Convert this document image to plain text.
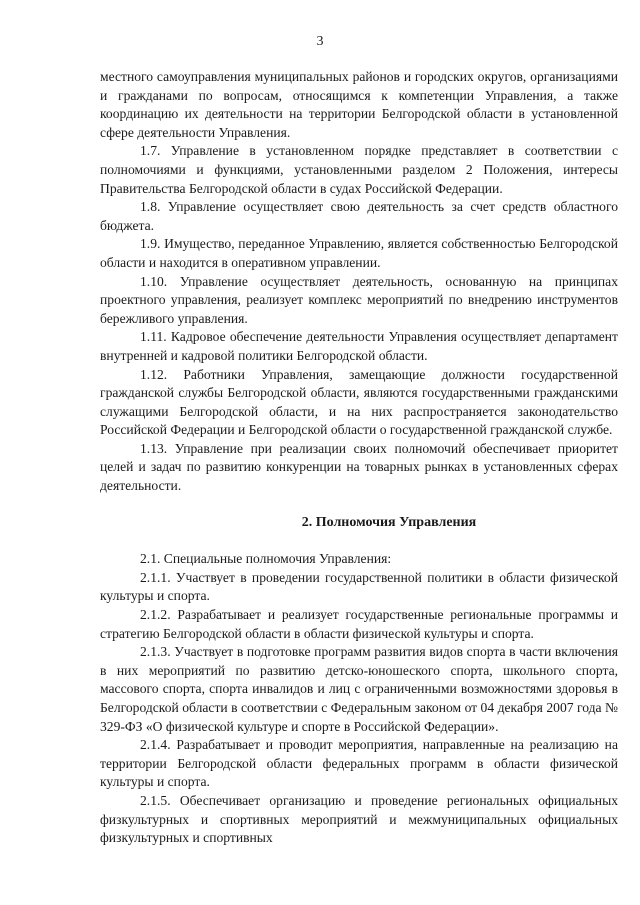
3

местного самоуправления муниципальных районов и городских округов, организациями и гражданами по вопросам, относящимся к компетенции Управления, а также координацию их деятельности на территории Белгородской области в установленной сфере деятельности Управления.

1.7. Управление в установленном порядке представляет в соответствии с полномочиями и функциями, установленными разделом 2 Положения, интересы Правительства Белгородской области в судах Российской Федерации.

1.8. Управление осуществляет свою деятельность за счет средств областного бюджета.

1.9. Имущество, переданное Управлению, является собственностью Белгородской области и находится в оперативном управлении.

1.10. Управление осуществляет деятельность, основанную на принципах проектного управления, реализует комплекс мероприятий по внедрению инструментов бережливого управления.

1.11. Кадровое обеспечение деятельности Управления осуществляет департамент внутренней и кадровой политики Белгородской области.

1.12. Работники Управления, замещающие должности государственной гражданской службы Белгородской области, являются государственными гражданскими служащими Белгородской области, и на них распространяется законодательство Российской Федерации и Белгородской области о государственной гражданской службе.

1.13. Управление при реализации своих полномочий обеспечивает приоритет целей и задач по развитию конкуренции на товарных рынках в установленных сферах деятельности.

2. Полномочия Управления

2.1. Специальные полномочия Управления:

2.1.1. Участвует в проведении государственной политики в области физической культуры и спорта.

2.1.2. Разрабатывает и реализует государственные региональные программы и стратегию Белгородской области в области физической культуры и спорта.

2.1.3. Участвует в подготовке программ развития видов спорта в части включения в них мероприятий по развитию детско-юношеского спорта, школьного спорта, массового спорта, спорта инвалидов и лиц с ограниченными возможностями здоровья в Белгородской области в соответствии с Федеральным законом от 04 декабря 2007 года № 329-ФЗ «О физической культуре и спорте в Российской Федерации».

2.1.4. Разрабатывает и проводит мероприятия, направленные на реализацию на территории Белгородской области федеральных программ в области физической культуры и спорта.

2.1.5. Обеспечивает организацию и проведение региональных официальных физкультурных и спортивных мероприятий и межмуниципальных официальных физкультурных и спортивных
